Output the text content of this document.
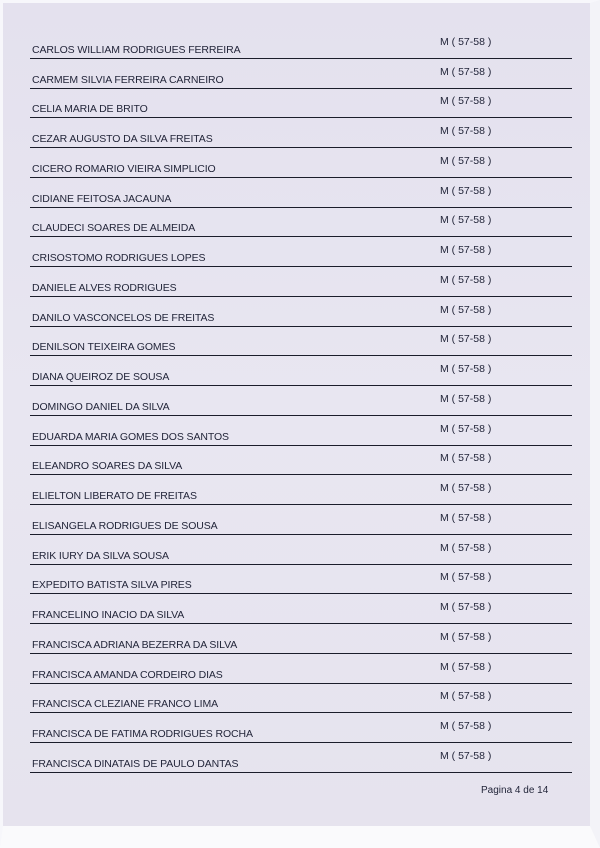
CARLOS WILLIAM RODRIGUES FERREIRA
M ( 57-58 )
CARMEM SILVIA FERREIRA CARNEIRO
M ( 57-58 )
CELIA MARIA DE BRITO
M ( 57-58 )
CEZAR AUGUSTO DA SILVA FREITAS
M ( 57-58 )
CICERO ROMARIO VIEIRA SIMPLICIO
M ( 57-58 )
CIDIANE FEITOSA JACAUNA
M ( 57-58 )
CLAUDECI SOARES DE ALMEIDA
M ( 57-58 )
CRISOSTOMO RODRIGUES LOPES
M ( 57-58 )
DANIELE ALVES RODRIGUES
M ( 57-58 )
DANILO VASCONCELOS DE FREITAS
M ( 57-58 )
DENILSON TEIXEIRA GOMES
M ( 57-58 )
DIANA QUEIROZ DE SOUSA
M ( 57-58 )
DOMINGO DANIEL DA SILVA
M ( 57-58 )
EDUARDA MARIA GOMES DOS SANTOS
M ( 57-58 )
ELEANDRO SOARES DA SILVA
M ( 57-58 )
ELIELTON LIBERATO DE FREITAS
M ( 57-58 )
ELISANGELA RODRIGUES DE SOUSA
M ( 57-58 )
ERIK IURY DA SILVA SOUSA
M ( 57-58 )
EXPEDITO BATISTA SILVA PIRES
M ( 57-58 )
FRANCELINO INACIO DA SILVA
M ( 57-58 )
FRANCISCA ADRIANA BEZERRA DA SILVA
M ( 57-58 )
FRANCISCA AMANDA CORDEIRO DIAS
M ( 57-58 )
FRANCISCA CLEZIANE FRANCO LIMA
M ( 57-58 )
FRANCISCA DE FATIMA RODRIGUES ROCHA
M ( 57-58 )
FRANCISCA DINATAIS DE PAULO DANTAS
M ( 57-58 )
Pagina 4 de 14
